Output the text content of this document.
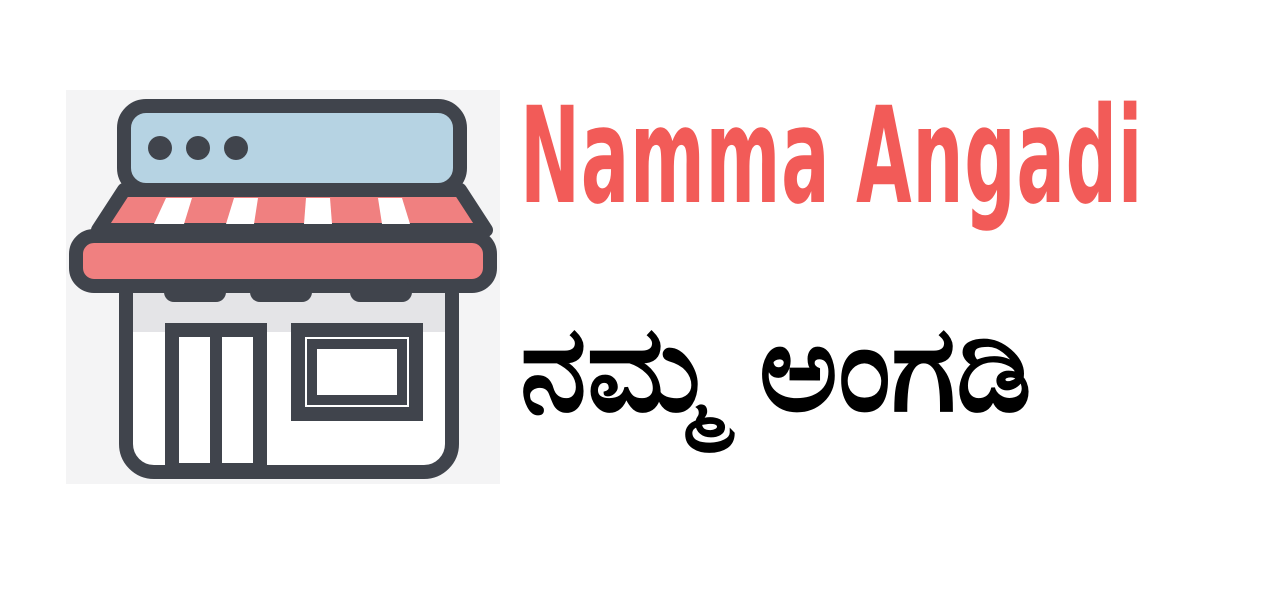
Namma Angadi
ನಮ್ಮ ಅಂಗಡಿ
